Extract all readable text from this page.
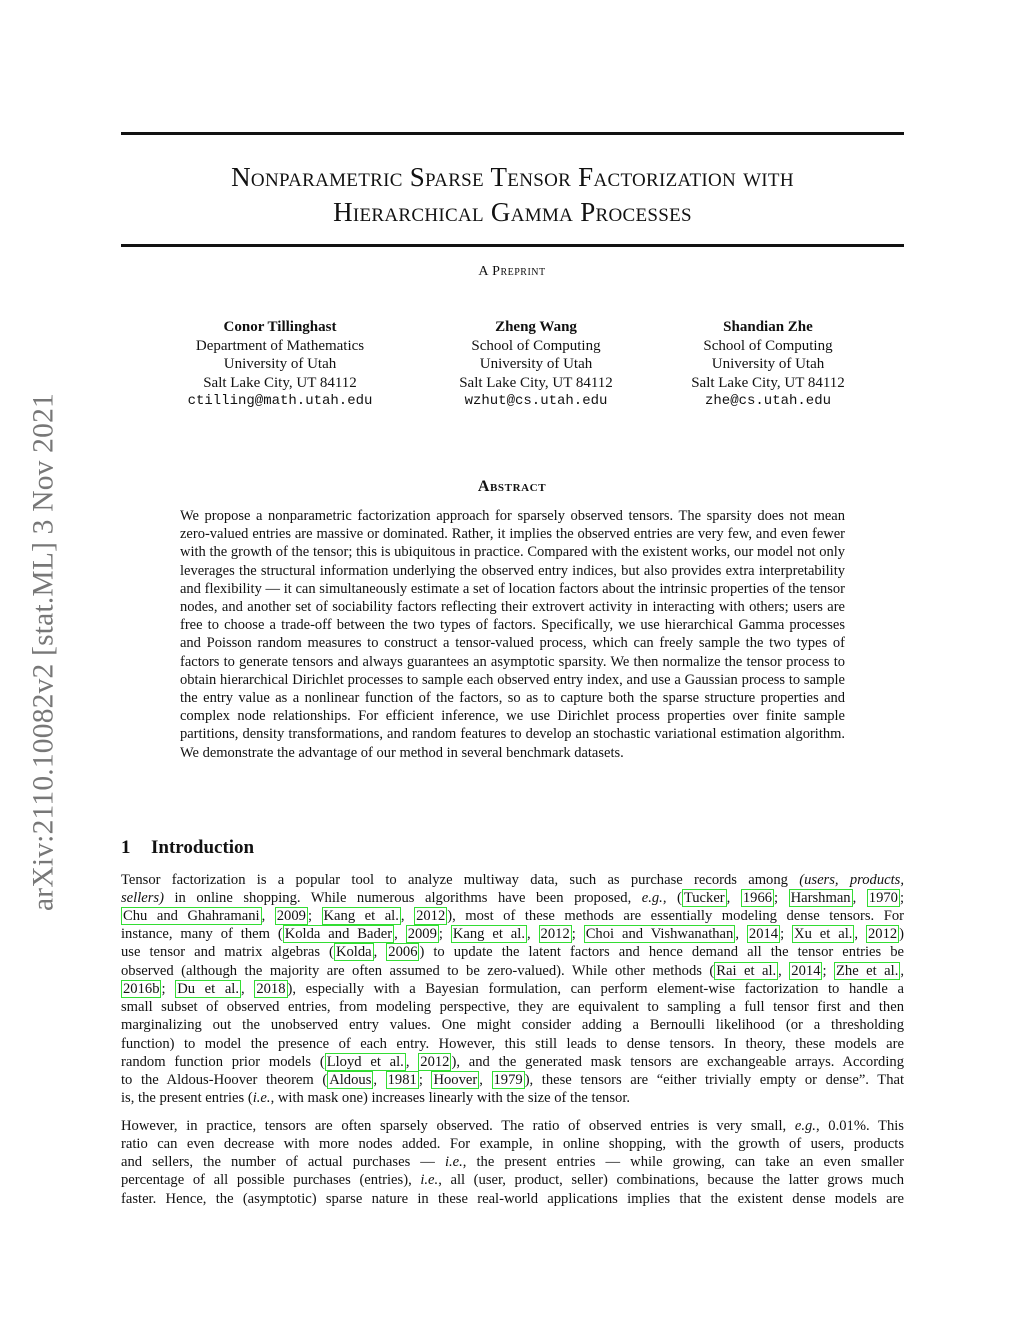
Nonparametric Sparse Tensor Factorization with
Hierarchical Gamma Processes
A Preprint
arXiv:2110.10082v2 [stat.ML] 3 Nov 2021
Conor Tillinghast
Department of Mathematics
University of Utah
Salt Lake City, UT 84112
ctilling@math.utah.edu
Zheng Wang
School of Computing
University of Utah
Salt Lake City, UT 84112
wzhut@cs.utah.edu
Shandian Zhe
School of Computing
University of Utah
Salt Lake City, UT 84112
zhe@cs.utah.edu
Abstract
We propose a nonparametric factorization approach for sparsely observed tensors. The sparsity does not mean zero-valued entries are massive or dominated. Rather, it implies the observed entries are very few, and even fewer with the growth of the tensor; this is ubiquitous in practice. Compared with the existent works, our model not only leverages the structural information underlying the observed entry indices, but also provides extra interpretability and flexibility — it can simultaneously estimate a set of location factors about the intrinsic properties of the tensor nodes, and another set of sociability factors reflecting their extrovert activity in interacting with others; users are free to choose a trade-off between the two types of factors. Specifically, we use hierarchical Gamma processes and Poisson random measures to construct a tensor-valued process, which can freely sample the two types of factors to generate tensors and always guarantees an asymptotic sparsity. We then normalize the tensor process to obtain hierarchical Dirichlet processes to sample each observed entry index, and use a Gaussian process to sample the entry value as a nonlinear function of the factors, so as to capture both the sparse structure properties and complex node relationships. For efficient inference, we use Dirichlet process properties over finite sample partitions, density transformations, and random features to develop an stochastic variational estimation algorithm. We demonstrate the advantage of our method in several benchmark datasets.
1 Introduction

Tensor factorization is a popular tool to analyze multiway data, such as purchase records among (users, products,

sellers) in online shopping. While numerous algorithms have been proposed, e.g., ( Tucker , 1966 ; Harshman , 1970 ;

Chu and Ghahramani , 2009 ; Kang et al. , 2012 ), most of these methods are essentially modeling dense tensors. For

instance, many of them ( Kolda and Bader , 2009 ; Kang et al. , 2012 ; Choi and Vishwanathan , 2014 ; Xu et al. , 2012 )

use tensor and matrix algebras ( Kolda , 2006 ) to update the latent factors and hence demand all the tensor entries be

observed (although the majority are often assumed to be zero-valued). While other methods ( Rai et al. , 2014 ; Zhe et al. ,

2016b ; Du et al. , 2018 ), especially with a Bayesian formulation, can perform element-wise factorization to handle a

small subset of observed entries, from modeling perspective, they are equivalent to sampling a full tensor first and then

marginalizing out the unobserved entry values. One might consider adding a Bernoulli likelihood (or a thresholding

function) to model the presence of each entry. However, this still leads to dense tensors. In theory, these models are

random function prior models ( Lloyd et al. , 2012 ), and the generated mask tensors are exchangeable arrays. According

to the Aldous-Hoover theorem ( Aldous , 1981 ; Hoover , 1979 ), these tensors are “either trivially empty or dense”. That

is, the present entries (i.e., with mask one) increases linearly with the size of the tensor.

However, in practice, tensors are often sparsely observed. The ratio of observed entries is very small, e.g., 0.01%. This

ratio can even decrease with more nodes added. For example, in online shopping, with the growth of users, products

and sellers, the number of actual purchases — i.e., the present entries — while growing, can take an even smaller

percentage of all possible purchases (entries), i.e., all (user, product, seller) combinations, because the latter grows much

faster. Hence, the (asymptotic) sparse nature in these real-world applications implies that the existent dense models are
